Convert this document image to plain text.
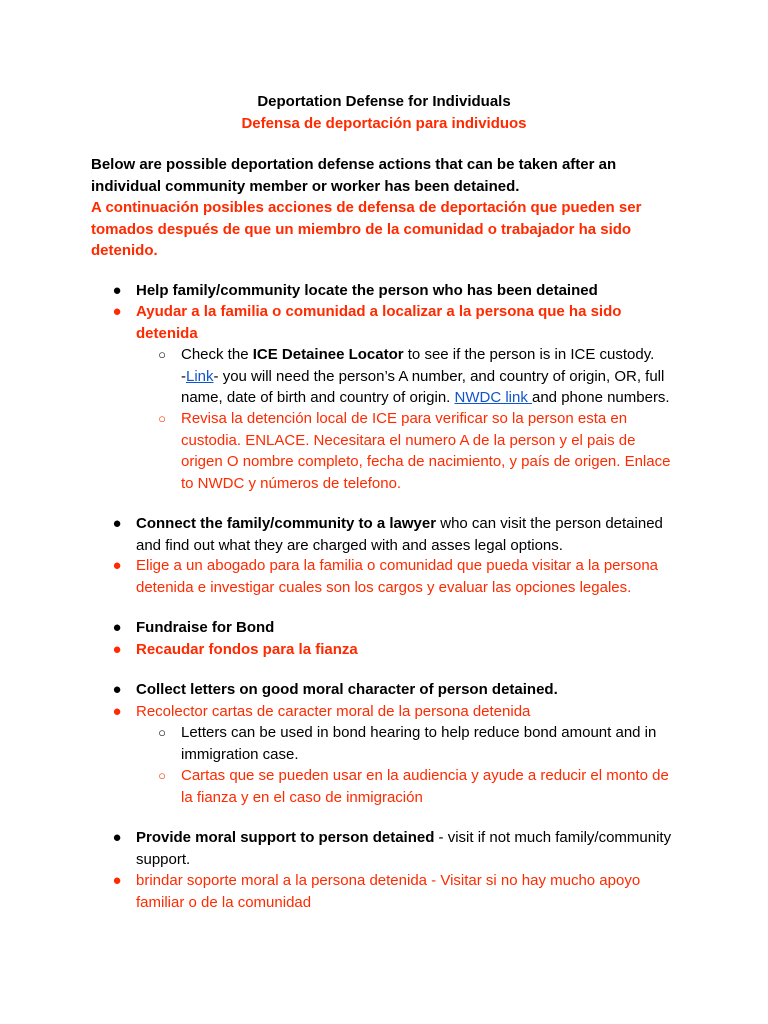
Deportation Defense for Individuals
Defensa de deportación para individuos
Below are possible deportation defense actions that can be taken after an individual community member or worker has been detained.
A continuación posibles acciones de defensa de deportación que pueden ser tomados después de que un miembro de la comunidad o trabajador ha sido detenido.
● Help family/community locate the person who has been detained
● Ayudar a la familia o comunidad a localizar a la persona que ha sido detenida
○ Check the ICE Detainee Locator to see if the person is in ICE custody.
-Link- you will need the person’s A number, and country of origin, OR, full name, date of birth and country of origin. NWDC link and phone numbers.
○ Revisa la detención local de ICE para verificar so la person esta en custodia. ENLACE. Necesitara el numero A de la person y el pais de origen O nombre completo, fecha de nacimiento, y país de origen. Enlace to NWDC y números de telefono.
● Connect the family/community to a lawyer who can visit the person detained and find out what they are charged with and asses legal options.
● Elige a un abogado para la familia o comunidad que pueda visitar a la persona detenida e investigar cuales son los cargos y evaluar las opciones legales.
● Fundraise for Bond
● Recaudar fondos para la fianza
● Collect letters on good moral character of person detained.
● Recolector cartas de caracter moral de la persona detenida
○ Letters can be used in bond hearing to help reduce bond amount and in immigration case.
○ Cartas que se pueden usar en la audiencia y ayude a reducir el monto de la fianza y en el caso de inmigración
● Provide moral support to person detained - visit if not much family/community support.
● brindar soporte moral a la persona detenida - Visitar si no hay mucho apoyo familiar o de la comunidad
